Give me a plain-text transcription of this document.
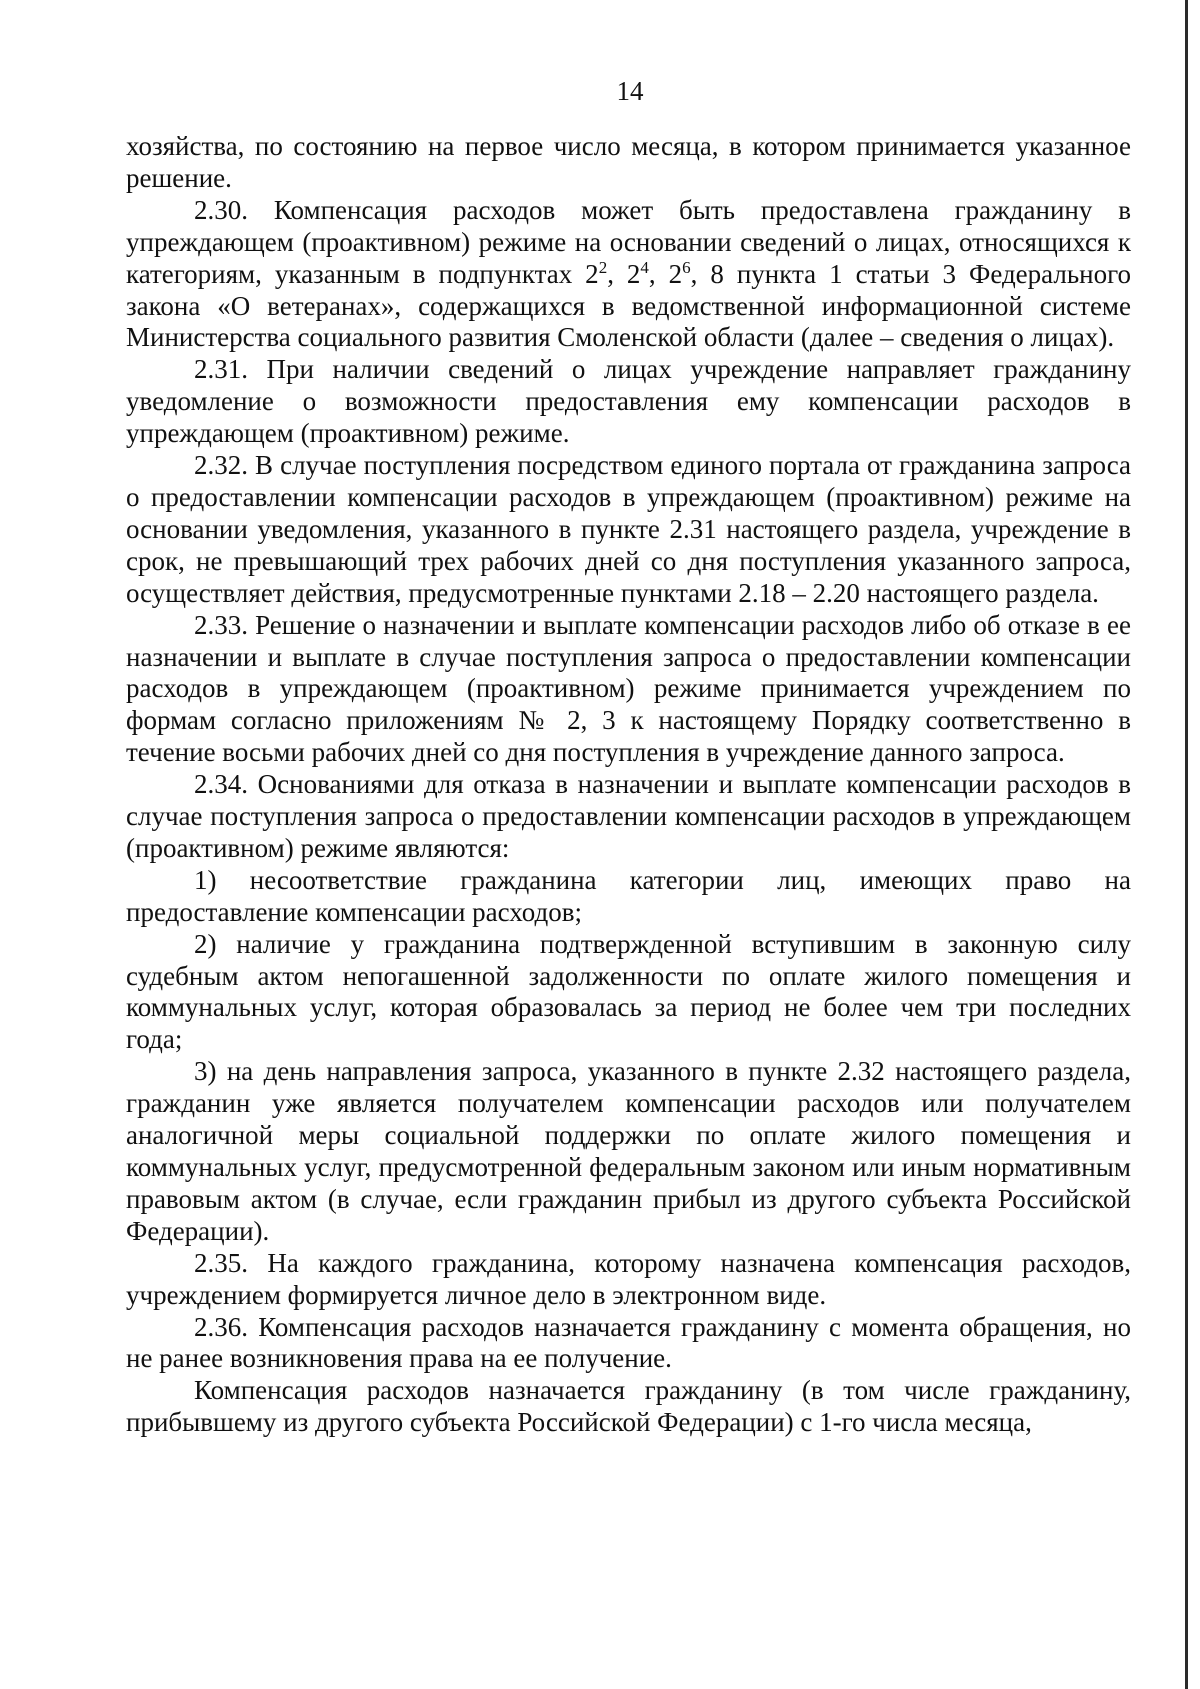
14

хозяйства, по состоянию на первое число месяца, в котором принимается указанное решение.

2.30. Компенсация расходов может быть предоставлена гражданину в упреждающем (проактивном) режиме на основании сведений о лицах, относящихся к категориям, указанным в подпунктах $2^2$, $2^4$, $2^6$, 8 пункта 1 статьи 3 Федерального закона «О ветеранах», содержащихся в ведомственной информационной системе Министерства социального развития Смоленской области (далее – сведения о лицах).

2.31. При наличии сведений о лицах учреждение направляет гражданину уведомление о возможности предоставления ему компенсации расходов в упреждающем (проактивном) режиме.

2.32. В случае поступления посредством единого портала от гражданина запроса о предоставлении компенсации расходов в упреждающем (проактивном) режиме на основании уведомления, указанного в пункте 2.31 настоящего раздела, учреждение в срок, не превышающий трех рабочих дней со дня поступления указанного запроса, осуществляет действия, предусмотренные пунктами 2.18 – 2.20 настоящего раздела.

2.33. Решение о назначении и выплате компенсации расходов либо об отказе в ее назначении и выплате в случае поступления запроса о предоставлении компенсации расходов в упреждающем (проактивном) режиме принимается учреждением по формам согласно приложениям № 2, 3 к настоящему Порядку соответственно в течение восьми рабочих дней со дня поступления в учреждение данного запроса.

2.34. Основаниями для отказа в назначении и выплате компенсации расходов в случае поступления запроса о предоставлении компенсации расходов в упреждающем (проактивном) режиме являются:

1) несоответствие гражданина категории лиц, имеющих право на предоставление компенсации расходов;

2) наличие у гражданина подтвержденной вступившим в законную силу судебным актом непогашенной задолженности по оплате жилого помещения и коммунальных услуг, которая образовалась за период не более чем три последних года;

3) на день направления запроса, указанного в пункте 2.32 настоящего раздела, гражданин уже является получателем компенсации расходов или получателем аналогичной меры социальной поддержки по оплате жилого помещения и коммунальных услуг, предусмотренной федеральным законом или иным нормативным правовым актом (в случае, если гражданин прибыл из другого субъекта Российской Федерации).

2.35. На каждого гражданина, которому назначена компенсация расходов, учреждением формируется личное дело в электронном виде.

2.36. Компенсация расходов назначается гражданину с момента обращения, но не ранее возникновения права на ее получение.

Компенсация расходов назначается гражданину (в том числе гражданину, прибывшему из другого субъекта Российской Федерации) с 1-го числа месяца,
